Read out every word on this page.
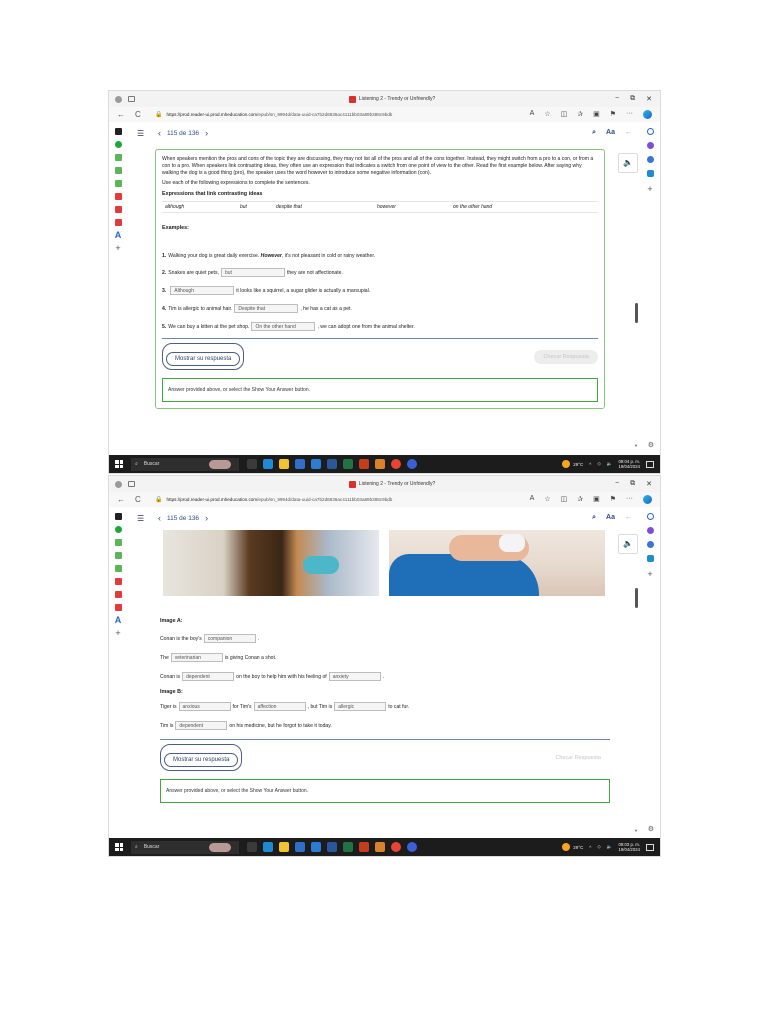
Listening 2 - Trendy or Unfriendly?	− ⧉ ✕
← C 🔒 https://prod.reader-ui.prod.mheducation.com/epub/sn_9994d/data-uuid-ca7b2d6836ac4111bb03a89b388c9bdb	A ☆ ◫ ✰ ▣ ⚑ ···
A
+
+
☰ ‹ 115 de 136 ›	⌕ Aa ←
🔈
▼ ⚙

When speakers mention the pros and cons of the topic they are discussing, they may not list all of the pros and all of the cons together. Instead, they might switch from a pro to a con, or from a con to a pro. When speakers link contrasting ideas, they often use an expression that indicates a switch from one point of view to the other. Read the first example below. After saying why walking the dog is a good thing (pro), the speaker uses the word however to introduce some negative information (con).

Use each of the following expressions to complete the sentences.

Expressions that link contrasting ideas
although	but	despite that	however	on the other hand
Examples:
1. Walking your dog is great daily exercise.
However , it's not pleasant in cold or rainy weather.
2. Snakes are quiet pets,	but	they are not affectionate.
3.	Although	it looks like a squirrel, a sugar glider is actually a marsupial.
4. Tim is allergic to animal hair.	Despite that	, he has a cat as a pet.
5. We can buy a kitten at the pet shop.	On the other hand	, we can adopt one from the animal shelter.
Mostrar su respuesta	Checar Respuesta
Answer provided above, or select the Show Your Answer button.
⌕ Buscar	29°C ^ ◇ 🔈 09:04 p. m.
19/04/2024
Listening 2 - Trendy or Unfriendly?	− ⧉ ✕
← C 🔒 https://prod.reader-ui.prod.mheducation.com/epub/sn_9994d/data-uuid-ca7b2d6836ac4111bb03a89b388c9bdb	A ☆ ◫ ✰ ▣ ⚑ ···
A
+
+
☰ ‹ 115 de 136 ›	⌕ Aa ←
🔈
▼ ⚙
Image A:
Conan is the boy's	companion	.
The	veterinarian	is giving Conan a shot.
Conan is	dependent	on the boy to help him with his feeling of	anxiety	.
Image B:
Tiger is	anxious	for Tim's	affection	, but Tim is	allergic	to cat fur.
Tim is	dependent	on his medicine, but he forgot to take it today.
Mostrar su respuesta	Checar Respuesta
Answer provided above, or select the Show Your Answer button.
⌕ Buscar	29°C ^ ◇ 🔈 09:03 p. m.
19/04/2024
